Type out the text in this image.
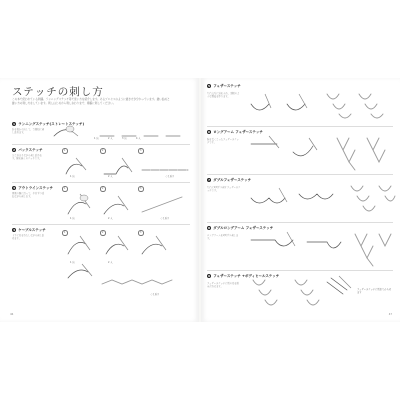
ステッチの刺し方
この本で使われている刺繍。ランニングステッチ等で使い方を紹介します。あるプロセスのように描き方が分かっています。縫い始めと縫い方の刺し方をしています。刺しはじめから刺しおわりまで、順番に刺してください。
1 ランニングステッチ(ストレートステッチ)
針を表から出して、等間隔に刺し進めます。
1 出	2 入	3 出	4 入
2 バックステッチ
ひと針戻りながら刺し進めます。線を描くステッチです。
1	2	3
1 出	2 入	くり返す
3 アウトラインステッチ
図案の線に沿って、半目ずつ重ねながら刺します。
1	2	3
1 出	2 入	くり返す
4 ケーブルステッチ
上下に糸をわたしながら刺し進めます。
1	2	3
1 出	2 入
くり返す
46
5 フェザーステッチ
左右交互に針を入れ、羽根のような模様を作ります。
6 ロングアーム フェザーステッチ
腕を長くとったフェザーステッチです。
7 ダブルフェザーステッチ
左右に2回ずつ刺すフェザーステッチです。
8 ダブルロングアーム フェザーステッチ
ロングアームを2回ずつ刺します。
9 フェザーステッチ +ボディヒールステッチ
フェザーステッチに別の糸を組み合わせます。
フェザーステッチに別糸でからめます
47
